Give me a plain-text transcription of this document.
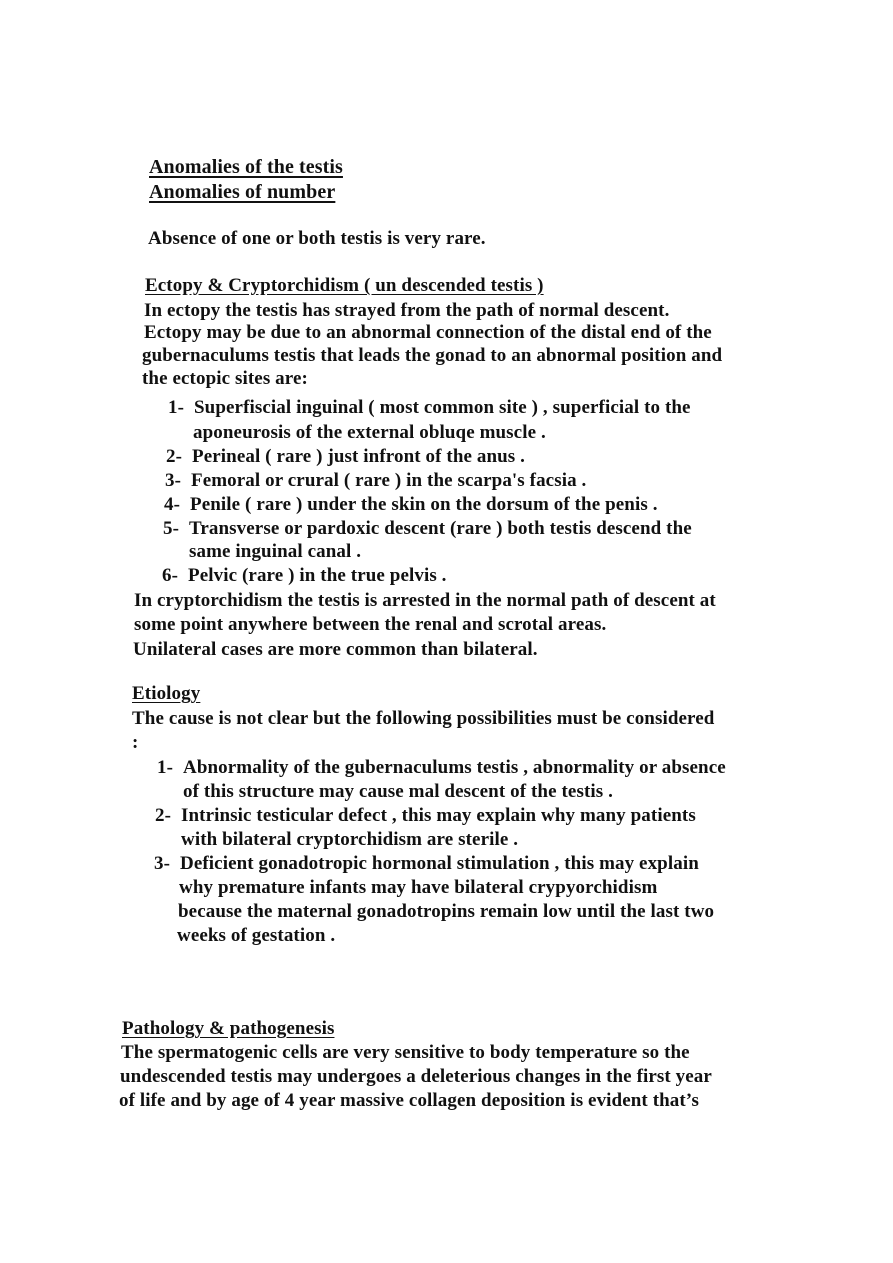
Anomalies of the testis
Anomalies of number
Absence of one or both testis is very rare.
Ectopy & Cryptorchidism ( un descended testis )
In ectopy the testis has strayed from the path of normal descent.
Ectopy may be due to an abnormal connection of the distal end of the
gubernaculums testis that leads the gonad to an abnormal position and
the ectopic sites are:
1- Superfiscial inguinal ( most common site ) , superficial to the
aponeurosis of the external obluqe muscle .
2- Perineal ( rare ) just infront of the anus .
3- Femoral or crural ( rare ) in the scarpa's facsia .
4- Penile ( rare ) under the skin on the dorsum of the penis .
5- Transverse or pardoxic descent (rare ) both testis descend the
same inguinal canal .
6- Pelvic (rare ) in the true pelvis .
In cryptorchidism the testis is arrested in the normal path of descent at
some point anywhere between the renal and scrotal areas.
Unilateral cases are more common than bilateral.
Etiology
The cause is not clear but the following possibilities must be considered
:
1- Abnormality of the gubernaculums testis , abnormality or absence
of this structure may cause mal descent of the testis .
2- Intrinsic testicular defect , this may explain why many patients
with bilateral cryptorchidism are sterile .
3- Deficient gonadotropic hormonal stimulation , this may explain
why premature infants may have bilateral crypyorchidism
because the maternal gonadotropins remain low until the last two
weeks of gestation .
Pathology & pathogenesis
The spermatogenic cells are very sensitive to body temperature so the
undescended testis may undergoes a deleterious changes in the first year
of life and by age of 4 year massive collagen deposition is evident that’s
